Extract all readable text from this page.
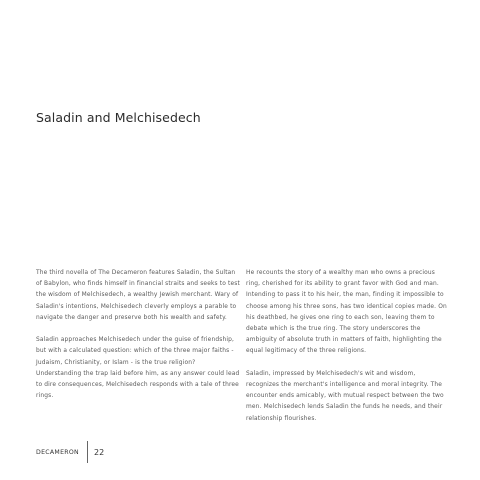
Saladin and Melchisedech

The third novella of The Decameron features Saladin, the Sultan of Babylon, who finds himself in financial straits and seeks to test the wisdom of Melchisedech, a wealthy Jewish merchant. Wary of Saladin's intentions, Melchisedech cleverly employs a parable to navigate the danger and preserve both his wealth and safety.

Saladin approaches Melchisedech under the guise of friendship, but with a calculated question: which of the three major faiths - Judaism, Christianity, or Islam - is the true religion? Understanding the trap laid before him, as any answer could lead to dire consequences, Melchisedech responds with a tale of three rings.

He recounts the story of a wealthy man who owns a precious ring, cherished for its ability to grant favor with God and man. Intending to pass it to his heir, the man, finding it impossible to choose among his three sons, has two identical copies made. On his deathbed, he gives one ring to each son, leaving them to debate which is the true ring. The story underscores the ambiguity of absolute truth in matters of faith, highlighting the equal legitimacy of the three religions.

Saladin, impressed by Melchisedech's wit and wisdom, recognizes the merchant's intelligence and moral integrity. The encounter ends amicably, with mutual respect between the two men. Melchisedech lends Saladin the funds he needs, and their relationship flourishes.

DECAMERON	22
